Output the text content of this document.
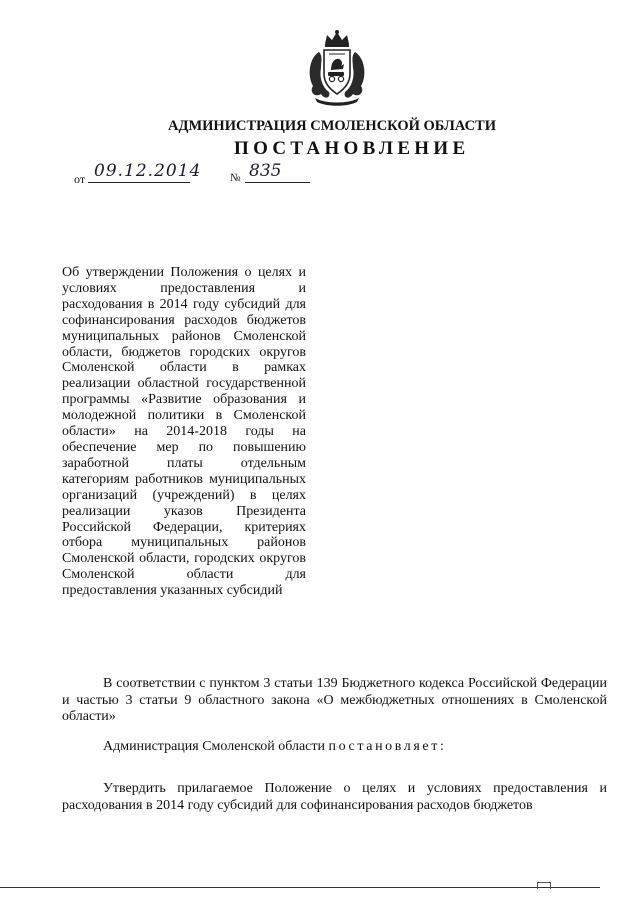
АДМИНИСТРАЦИЯ СМОЛЕНСКОЙ ОБЛАСТИ
ПОСТАНОВЛЕНИЕ
от 09.12.2014	№ 835
Об утверждении Положения о целях и условиях предоставления и расходования в 2014 году субсидий для софинансирования расходов бюджетов муниципальных районов Смоленской области, бюджетов городских округов Смоленской области в рамках реализации областной государственной программы «Развитие образования и молодежной политики в Смоленской области» на 2014-2018 годы на обеспечение мер по повышению заработной платы отдельным категориям работников муниципальных организаций (учреждений) в целях реализации указов Президента Российской Федерации, критериях отбора муниципальных районов Смоленской области, городских округов Смоленской области для предоставления указанных субсидий
В соответствии с пунктом 3 статьи 139 Бюджетного кодекса Российской Федерации и частью 3 статьи 9 областного закона «О межбюджетных отношениях в Смоленской области»
Администрация Смоленской области постановляет:
Утвердить прилагаемое Положение о целях и условиях предоставления и расходования в 2014 году субсидий для софинансирования расходов бюджетов
